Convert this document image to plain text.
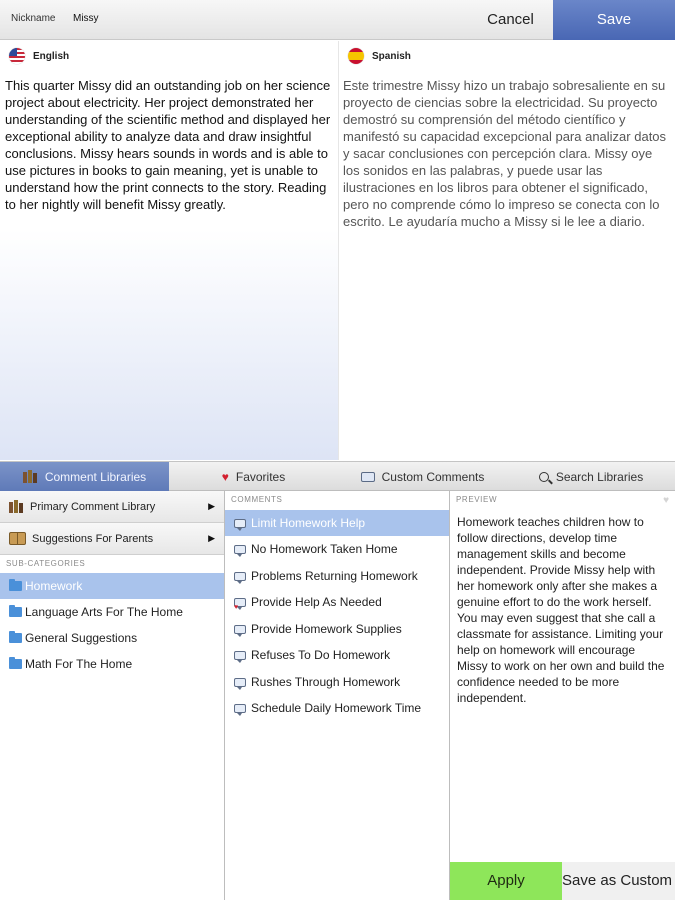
Nickname Missy	Cancel	Save
English
This quarter Missy did an outstanding job on her science project about electricity. Her project demonstrated her understanding of the scientific method and displayed her exceptional ability to analyze data and draw insightful conclusions. Missy hears sounds in words and is able to use pictures in books to gain meaning, yet is unable to understand how the print connects to the story. Reading to her nightly will benefit Missy greatly.
Spanish
Este trimestre Missy hizo un trabajo sobresaliente en su proyecto de ciencias sobre la electricidad. Su proyecto demostró su comprensión del método científico y manifestó su capacidad excepcional para analizar datos y sacar conclusiones con percepción clara. Missy oye los sonidos en las palabras, y puede usar las ilustraciones en los libros para obtener el significado, pero no comprende cómo lo impreso se conecta con lo escrito. Le ayudaría mucho a Missy si le lee a diario.
Comment Libraries	♥ Favorites	Custom Comments	Search Libraries
Primary Comment Library	▶
Suggestions For Parents	▶
SUB-CATEGORIES
Homework
Language Arts For The Home
General Suggestions
Math For The Home
COMMENTS
Limit Homework Help
No Homework Taken Home
Problems Returning Homework
♥ Provide Help As Needed
Provide Homework Supplies
Refuses To Do Homework
Rushes Through Homework
Schedule Daily Homework Time
PREVIEW	♥
Homework teaches children how to follow directions, develop time management skills and become independent. Provide Missy help with her homework only after she makes a genuine effort to do the work herself. You may even suggest that she call a classmate for assistance. Limiting your help on homework will encourage Missy to work on her own and build the confidence needed to be more independent.
Apply	Save as Custom
